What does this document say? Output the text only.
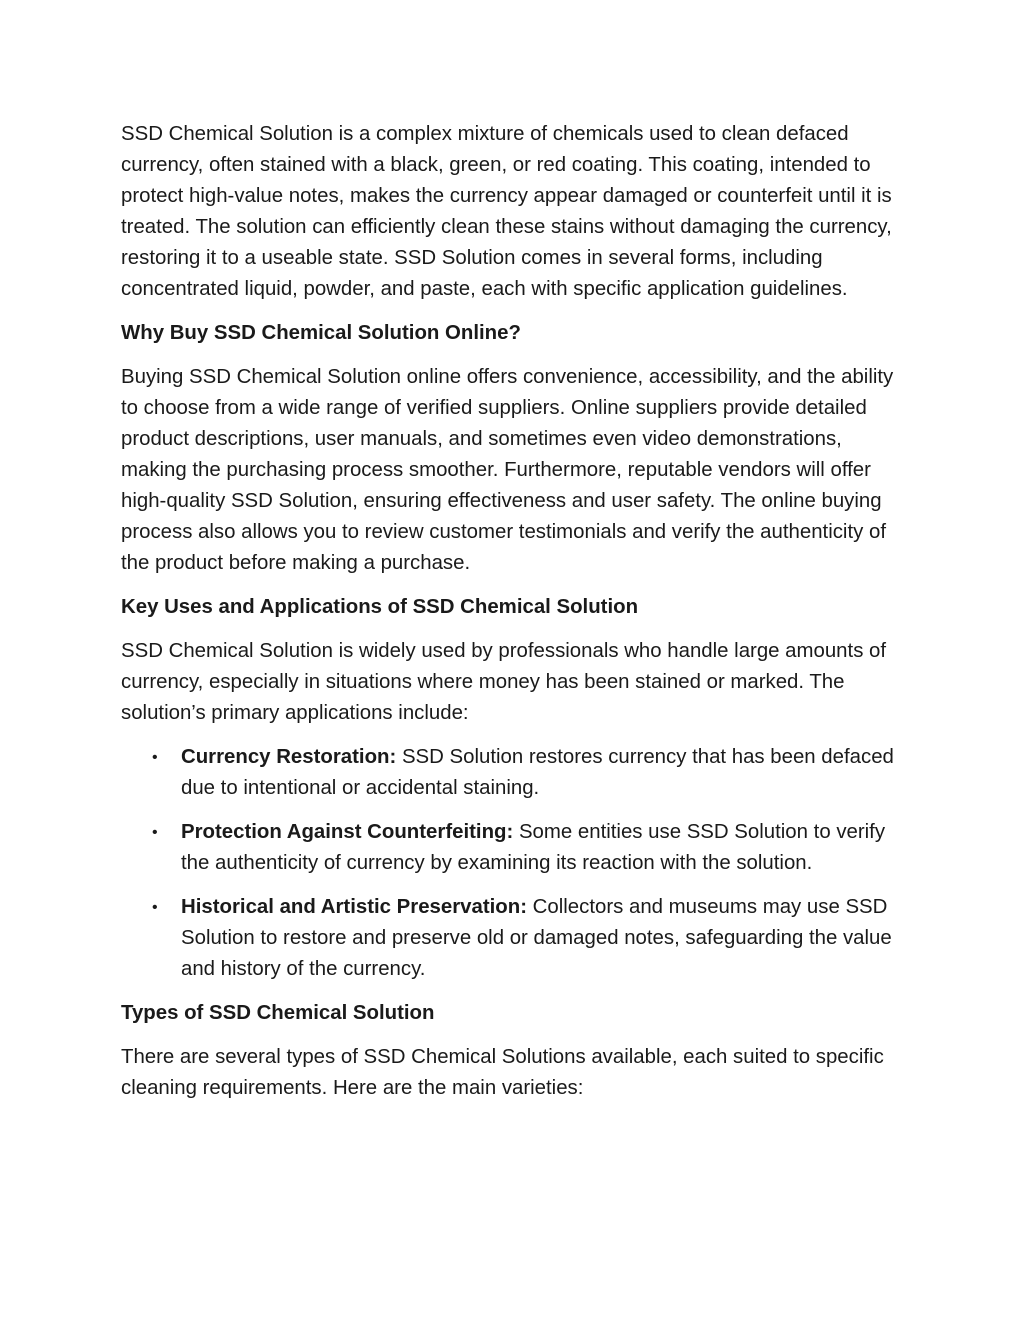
SSD Chemical Solution is a complex mixture of chemicals used to clean defaced currency, often stained with a black, green, or red coating. This coating, intended to protect high-value notes, makes the currency appear damaged or counterfeit until it is treated. The solution can efficiently clean these stains without damaging the currency, restoring it to a useable state. SSD Solution comes in several forms, including concentrated liquid, powder, and paste, each with specific application guidelines.

Why Buy SSD Chemical Solution Online?

Buying SSD Chemical Solution online offers convenience, accessibility, and the ability to choose from a wide range of verified suppliers. Online suppliers provide detailed product descriptions, user manuals, and sometimes even video demonstrations, making the purchasing process smoother. Furthermore, reputable vendors will offer high-quality SSD Solution, ensuring effectiveness and user safety. The online buying process also allows you to review customer testimonials and verify the authenticity of the product before making a purchase.

Key Uses and Applications of SSD Chemical Solution

SSD Chemical Solution is widely used by professionals who handle large amounts of currency, especially in situations where money has been stained or marked. The solution’s primary applications include:

• Currency Restoration: SSD Solution restores currency that has been defaced due to intentional or accidental staining.
• Protection Against Counterfeiting: Some entities use SSD Solution to verify the authenticity of currency by examining its reaction with the solution.
• Historical and Artistic Preservation: Collectors and museums may use SSD Solution to restore and preserve old or damaged notes, safeguarding the value and history of the currency.
Types of SSD Chemical Solution

There are several types of SSD Chemical Solutions available, each suited to specific cleaning requirements. Here are the main varieties:
